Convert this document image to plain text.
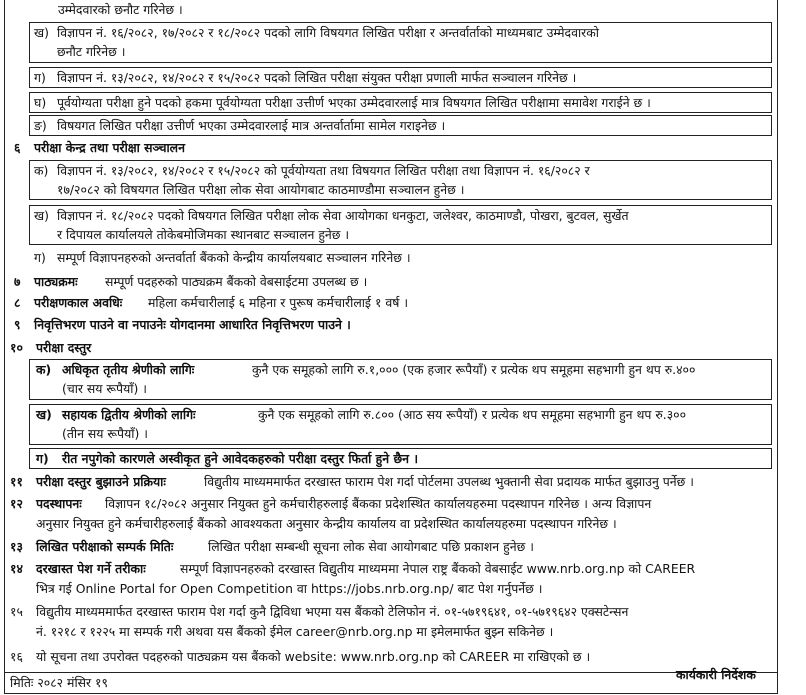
उम्मेदवारको छनौट गरिनेछ ।
ख) विज्ञापन नं. १६/२०८२, १७/२०८२ र १८/२०८२ पदको लागि विषयगत लिखित परीक्षा र अन्तर्वार्ताको माध्यमबाट उम्मेदवारको
छनौट गरिनेछ ।
ग) विज्ञापन नं. १३/२०८२, १४/२०८२ र १५/२०८२ पदको लिखित परीक्षा संयुक्त परीक्षा प्रणाली मार्फत सञ्चालन गरिनेछ ।
घ) पूर्वयोग्यता परीक्षा हुने पदको हकमा पूर्वयोग्यता परीक्षा उत्तीर्ण भएका उम्मेदवारलाई मात्र विषयगत लिखित परीक्षामा समावेश गराईने छ ।
ङ) विषयगत लिखित परीक्षा उत्तीर्ण भएका उम्मेदवारलाई मात्र अन्तर्वार्तामा सामेल गराइनेछ ।
६ परीक्षा केन्द्र तथा परीक्षा सञ्चालन
क) विज्ञापन नं. १३/२०८२, १४/२०८२ र १५/२०८२ को पूर्वयोग्यता तथा विषयगत लिखित परीक्षा तथा विज्ञापन नं. १६/२०८२ र
१७/२०८२ को विषयगत लिखित परीक्षा लोक सेवा आयोगबाट काठमाण्डौमा सञ्चालन हुनेछ ।
ख) विज्ञापन नं. १८/२०८२ पदको विषयगत लिखित परीक्षा लोक सेवा आयोगका धनकुटा, जलेश्वर, काठमाण्डौ, पोखरा, बुटवल, सुर्खेत
र दिपायल कार्यालयले तोकेबमोजिमका स्थानबाट सञ्चालन हुनेछ ।
ग) सम्पूर्ण विज्ञापनहरुको अन्तर्वार्ता बैंकको केन्द्रीय कार्यालयबाट सञ्चालन गरिनेछ ।
७ पाठ्यक्रमः सम्पूर्ण पदहरुको पाठ्यक्रम बैंकको वेबसाईटमा उपलब्ध छ ।
८ परीक्षणकाल अवधिः महिला कर्मचारीलाई ६ महिना र पुरूष कर्मचारीलाई १ वर्ष ।
९ निवृत्तिभरण पाउने वा नपाउनेः योगदानमा आधारित निवृत्तिभरण पाउने ।
१० परीक्षा दस्तुर
क) अधिकृत तृतीय श्रेणीको लागिः	कुनै एक समूहको लागि रु.१,००० (एक हजार रूपैयाँ) र प्रत्येक थप समूहमा सहभागी हुन थप रु.४००
(चार सय रूपैयाँ) ।
ख) सहायक द्वितीय श्रेणीको लागिः	कुनै एक समूहको लागि रु.८०० (आठ सय रूपैयाँ) र प्रत्येक थप समूहमा सहभागी हुन थप रु.३००
(तीन सय रूपैयाँ) ।
ग) रीत नपुगेको कारणले अस्वीकृत हुने आवेदकहरुको परीक्षा दस्तुर फिर्ता हुने छैन ।
११ परीक्षा दस्तुर बुझाउने प्रक्रियाः	विद्युतीय माध्यममार्फत दरखास्त फाराम पेश गर्दा पोर्टलमा उपलब्ध भुक्तानी सेवा प्रदायक मार्फत बुझाउनु पर्नेछ ।
१२ पदस्थापनः विज्ञापन १८/२०८२ अनुसार नियुक्त हुने कर्मचारीहरुलाई बैंकका प्रदेशस्थित कार्यालयहरुमा पदस्थापन गरिनेछ । अन्य विज्ञापन
अनुसार नियुक्त हुने कर्मचारीहरुलाई बैंकको आवश्यकता अनुसार केन्द्रीय कार्यालय वा प्रदेशस्थित कार्यालयहरुमा पदस्थापन गरिनेछ ।
१३ लिखित परीक्षाको सम्पर्क मितिः	लिखित परीक्षा सम्बन्धी सूचना लोक सेवा आयोगबाट पछि प्रकाशन हुनेछ ।
१४ दरखास्त पेश गर्ने तरीकाः	सम्पूर्ण विज्ञापनहरुको दरखास्त विद्युतीय माध्यममा नेपाल राष्ट्र बैंकको वेबसाईट www.nrb.org.np को CAREER
भित्र गई Online Portal for Open Competition वा https://jobs.nrb.org.np/ बाट पेश गर्नुपर्नेछ ।
१५ विद्युतीय माध्यममार्फत दरखास्त फाराम पेश गर्दा कुनै द्विविधा भएमा यस बैंकको टेलिफोन नं. ०१-५७१९६४१, ०१-५७१९६४२ एक्सटेन्सन
नं. १२१८ र १२२५ मा सम्पर्क गरी अथवा यस बैंकको ईमेल career@nrb.org.np मा इमेलमार्फत बुझ्न सकिनेछ ।
१६ यो सूचना तथा उपरोक्त पदहरुको पाठ्यक्रम यस बैंकको website: www.nrb.org.np को CAREER मा राखिएको छ ।
मितिः २०८२ मंसिर १९
कार्यकारी निर्देशक
